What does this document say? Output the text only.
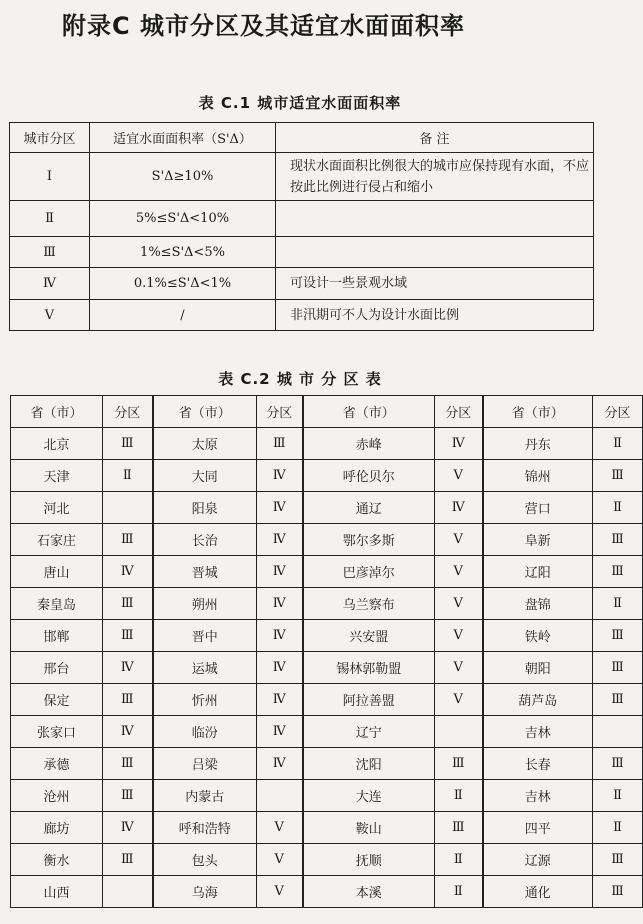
附录C 城市分区及其适宜水面面积率
表 C.1 城市适宜水面面积率
城市分区	适宜水面面积率（S'Δ）	备 注
Ⅰ	S'Δ≥10%	现状水面面积比例很大的城市应保持现有水面，不应按此比例进行侵占和缩小
Ⅱ	5%≤S'Δ<10%	
Ⅲ	1%≤S'Δ<5%	
Ⅳ	0.1%≤S'Δ<1%	可设计一些景观水域
Ⅴ	/	非汛期可不人为设计水面比例
表 C.2 城 市 分 区 表
省（市）	分区	省（市）	分区	省（市）	分区	省（市）	分区
北京	Ⅲ	太原	Ⅲ	赤峰	Ⅳ	丹东	Ⅱ
天津	Ⅱ	大同	Ⅳ	呼伦贝尔	Ⅴ	锦州	Ⅲ
河北		阳泉	Ⅳ	通辽	Ⅳ	营口	Ⅱ
石家庄	Ⅲ	长治	Ⅳ	鄂尔多斯	Ⅴ	阜新	Ⅲ
唐山	Ⅳ	晋城	Ⅳ	巴彦淖尔	Ⅴ	辽阳	Ⅲ
秦皇岛	Ⅲ	朔州	Ⅳ	乌兰察布	Ⅴ	盘锦	Ⅱ
邯郸	Ⅲ	晋中	Ⅳ	兴安盟	Ⅴ	铁岭	Ⅲ
邢台	Ⅳ	运城	Ⅳ	锡林郭勒盟	Ⅴ	朝阳	Ⅲ
保定	Ⅲ	忻州	Ⅳ	阿拉善盟	Ⅴ	葫芦岛	Ⅲ
张家口	Ⅳ	临汾	Ⅳ	辽宁		吉林	
承德	Ⅲ	吕梁	Ⅳ	沈阳	Ⅲ	长春	Ⅲ
沧州	Ⅲ	内蒙古		大连	Ⅱ	吉林	Ⅱ
廊坊	Ⅳ	呼和浩特	Ⅴ	鞍山	Ⅲ	四平	Ⅱ
衡水	Ⅲ	包头	Ⅴ	抚顺	Ⅱ	辽源	Ⅲ
山西		乌海	Ⅴ	本溪	Ⅱ	通化	Ⅲ
